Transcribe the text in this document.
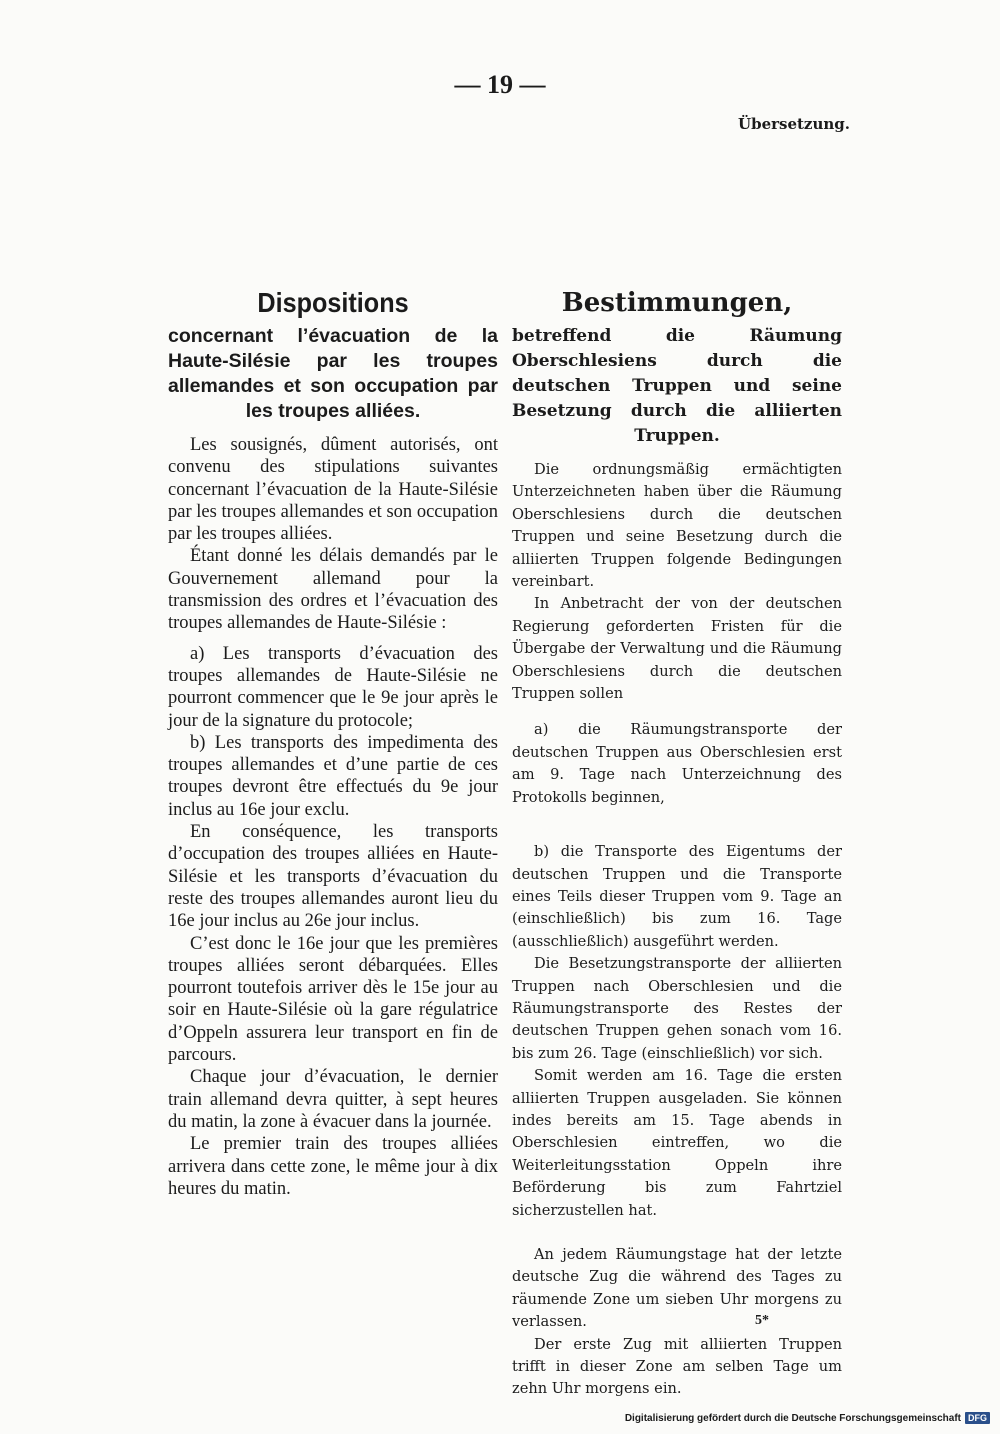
— 19 —
Übersetzung.
Dispositions

concernant l’évacuation de la Haute-Silésie par les troupes allemandes et son occupation par les troupes alliées.

Les sousignés, dûment autorisés, ont convenu des stipulations suivantes concernant l’évacuation de la Haute-Silésie par les troupes allemandes et son occupation par les troupes alliées.

Étant donné les délais demandés par le Gouvernement allemand pour la transmission des ordres et l’évacuation des troupes allemandes de Haute-Silésie :

a) Les transports d’évacuation des troupes allemandes de Haute-Silésie ne pourront commencer que le 9e jour après le jour de la signature du protocole;

b) Les transports des impedimenta des troupes allemandes et d’une partie de ces troupes devront être effectués du 9e jour inclus au 16e jour exclu.

En conséquence, les transports d’occupation des troupes alliées en Haute-Silésie et les transports d’évacuation du reste des troupes allemandes auront lieu du 16e jour inclus au 26e jour inclus.

C’est donc le 16e jour que les premières troupes alliées seront débarquées. Elles pourront toutefois arriver dès le 15e jour au soir en Haute-Silésie où la gare régulatrice d’Oppeln assurera leur transport en fin de parcours.

Chaque jour d’évacuation, le dernier train allemand devra quitter, à sept heures du matin, la zone à évacuer dans la journée.

Le premier train des troupes alliées arrivera dans cette zone, le même jour à dix heures du matin.

Bestimmungen,

betreffend die Räumung Oberschlesiens durch die deutschen Truppen und seine Besetzung durch die alliierten Truppen.

Die ordnungsmäßig ermächtigten Unterzeichneten haben über die Räumung Oberschlesiens durch die deutschen Truppen und seine Besetzung durch die alliierten Truppen folgende Bedingungen vereinbart.

In Anbetracht der von der deutschen Regierung geforderten Fristen für die Übergabe der Verwaltung und die Räumung Oberschlesiens durch die deutschen Truppen sollen

a) die Räumungstransporte der deutschen Truppen aus Oberschlesien erst am 9. Tage nach Unterzeichnung des Protokolls beginnen,

b) die Transporte des Eigentums der deutschen Truppen und die Transporte eines Teils dieser Truppen vom 9. Tage an (einschließlich) bis zum 16. Tage (ausschließlich) ausgeführt werden.

Die Besetzungstransporte der alliierten Truppen nach Oberschlesien und die Räumungstransporte des Restes der deutschen Truppen gehen sonach vom 16. bis zum 26. Tage (einschließlich) vor sich.

Somit werden am 16. Tage die ersten alliierten Truppen ausgeladen. Sie können indes bereits am 15. Tage abends in Oberschlesien eintreffen, wo die Weiterleitungsstation Oppeln ihre Beförderung bis zum Fahrtziel sicherzustellen hat.

An jedem Räumungstage hat der letzte deutsche Zug die während des Tages zu räumende Zone um sieben Uhr morgens zu verlassen.

Der erste Zug mit alliierten Truppen trifft in dieser Zone am selben Tage um zehn Uhr morgens ein.

5*
Digitalisierung gefördert durch die Deutsche Forschungsgemeinschaft DFG
